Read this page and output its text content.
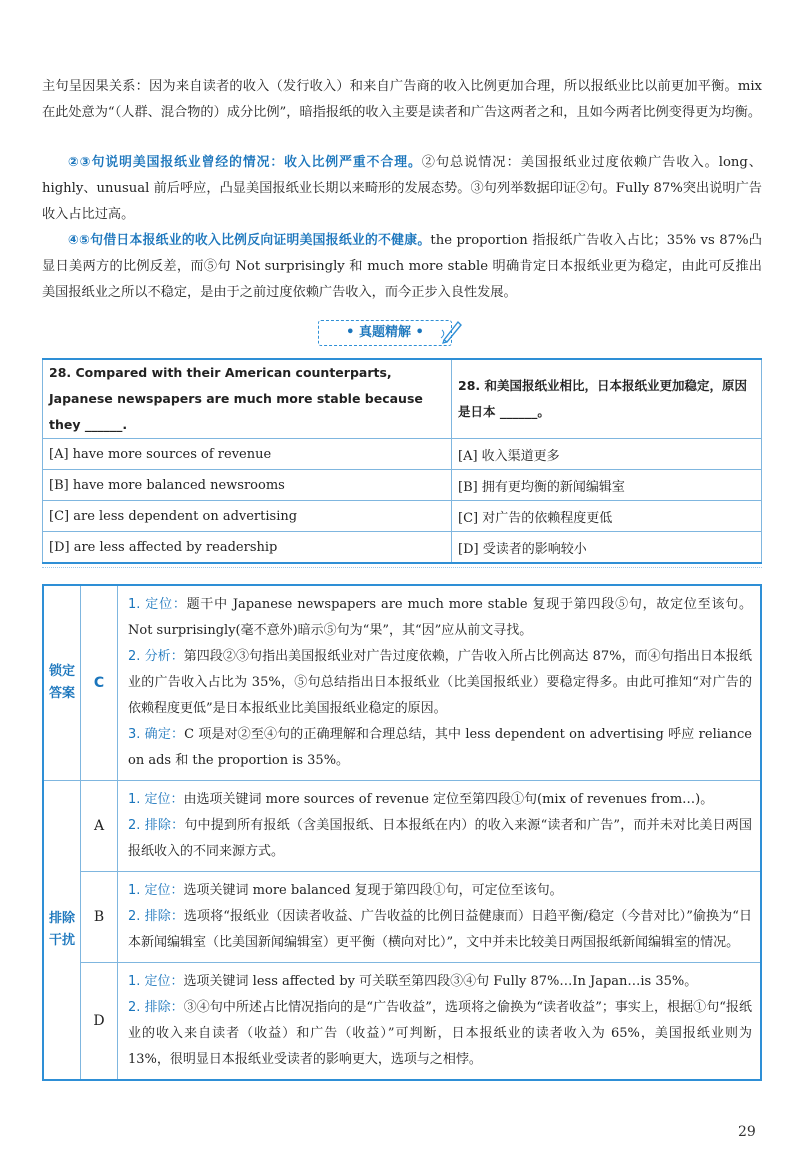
主句呈因果关系：因为来自读者的收入（发行收入）和来自广告商的收入比例更加合理，所以报纸业比以前更加平衡。mix 在此处意为“（人群、混合物的）成分比例”，暗指报纸的收入主要是读者和广告这两者之和，且如今两者比例变得更为均衡。

②③句说明美国报纸业曾经的情况：收入比例严重不合理。②句总说情况：美国报纸业过度依赖广告收入。long、highly、unusual 前后呼应，凸显美国报纸业长期以来畸形的发展态势。③句列举数据印证②句。Fully 87%突出说明广告收入占比过高。

④⑤句借日本报纸业的收入比例反向证明美国报纸业的不健康。the proportion 指报纸广告收入占比；35% vs 87%凸显日美两方的比例反差，而⑤句 Not surprisingly 和 much more stable 明确肯定日本报纸业更为稳定，由此可反推出美国报纸业之所以不稳定，是由于之前过度依赖广告收入，而今正步入良性发展。

• 真题精解 •
28. Compared with their American counterparts, Japanese newspapers are much more stable because they ______.	28. 和美国报纸业相比，日本报纸业更加稳定，原因是日本 ______。
[A] have more sources of revenue	[A] 收入渠道更多
[B] have more balanced newsrooms	[B] 拥有更均衡的新闻编辑室
[C] are less dependent on advertising	[C] 对广告的依赖程度更低
[D] are less affected by readership	[D] 受读者的影响较小
锁定答案	C	1. 定位：题干中 Japanese newspapers are much more stable 复现于第四段⑤句，故定位至该句。Not surprisingly(毫不意外)暗示⑤句为“果”，其“因”应从前文寻找。
2. 分析：第四段②③句指出美国报纸业对广告过度依赖，广告收入所占比例高达 87%，而④句指出日本报纸业的广告收入占比为 35%，⑤句总结指出日本报纸业（比美国报纸业）要稳定得多。由此可推知“对广告的依赖程度更低”是日本报纸业比美国报纸业稳定的原因。
3. 确定：C 项是对②至④句的正确理解和合理总结，其中 less dependent on advertising 呼应 reliance on ads 和 the proportion is 35%。

排除干扰	A	1. 定位：由选项关键词 more sources of revenue 定位至第四段①句(mix of revenues from…)。
2. 排除：句中提到所有报纸（含美国报纸、日本报纸在内）的收入来源“读者和广告”，而并未对比美日两国报纸收入的不同来源方式。

	B	1. 定位：选项关键词 more balanced 复现于第四段①句，可定位至该句。
2. 排除：选项将“报纸业（因读者收益、广告收益的比例日益健康而）日趋平衡/稳定（今昔对比）”偷换为“日本新闻编辑室（比美国新闻编辑室）更平衡（横向对比）”，文中并未比较美日两国报纸新闻编辑室的情况。

	D	1. 定位：选项关键词 less affected by 可关联至第四段③④句 Fully 87%…In Japan…is 35%。
2. 排除：③④句中所述占比情况指向的是“广告收益”，选项将之偷换为“读者收益”；事实上，根据①句“报纸业的收入来自读者（收益）和广告（收益）”可判断，日本报纸业的读者收入为 65%，美国报纸业则为 13%，很明显日本报纸业受读者的影响更大，选项与之相悖。
29
